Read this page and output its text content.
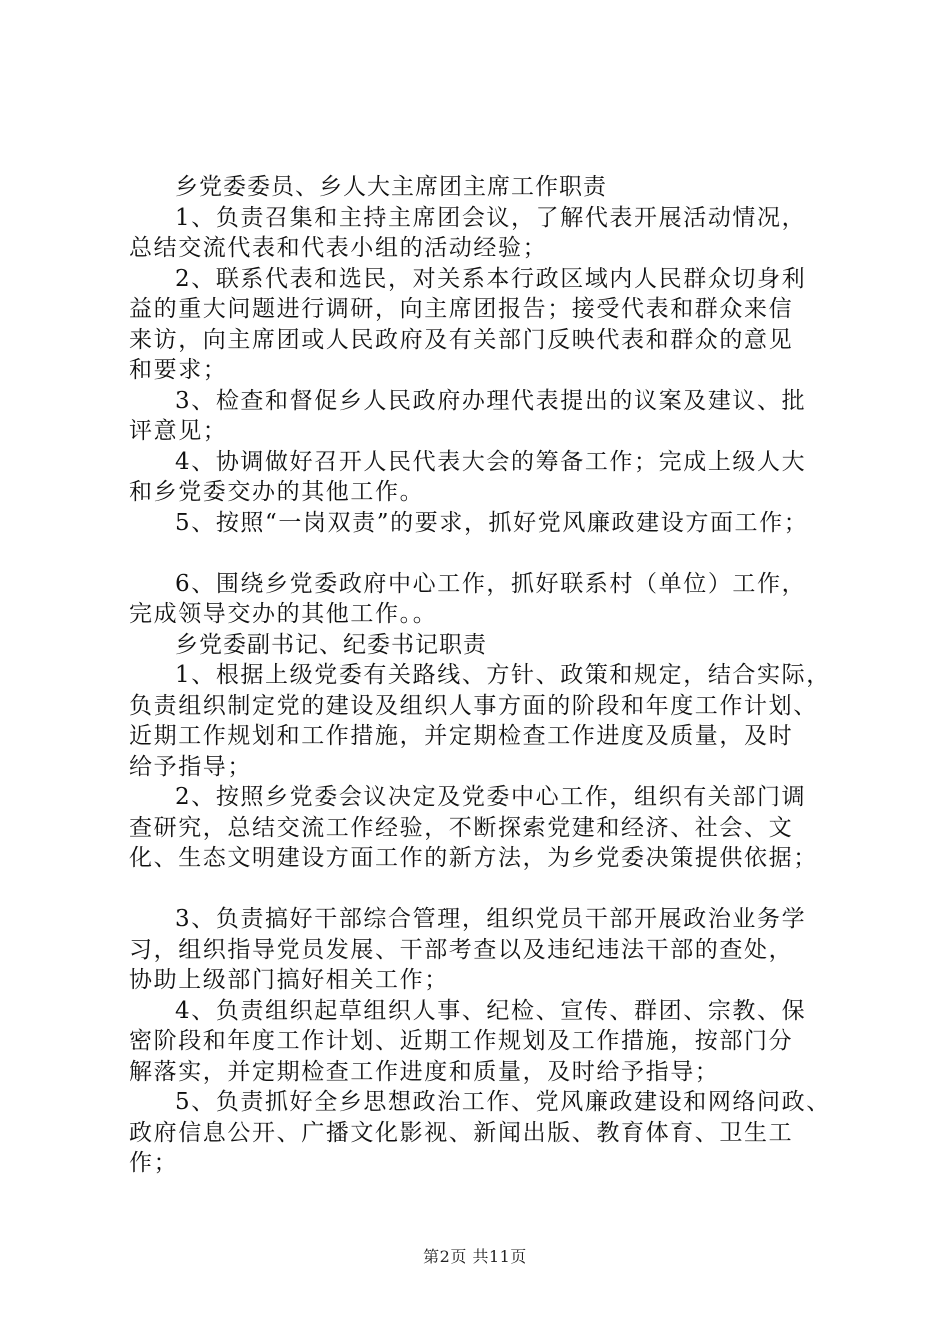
乡党委委员、乡人大主席团主席工作职责
1、负责召集和主持主席团会议，了解代表开展活动情况，
总结交流代表和代表小组的活动经验；
2、联系代表和选民，对关系本行政区域内人民群众切身利
益的重大问题进行调研，向主席团报告；接受代表和群众来信
来访，向主席团或人民政府及有关部门反映代表和群众的意见
和要求；
3、检查和督促乡人民政府办理代表提出的议案及建议、批
评意见；
4、协调做好召开人民代表大会的筹备工作；完成上级人大
和乡党委交办的其他工作。
5、按照“一岗双责”的要求，抓好党风廉政建设方面工作；
6、围绕乡党委政府中心工作，抓好联系村（单位）工作，
完成领导交办的其他工作。。
乡党委副书记、纪委书记职责
1、根据上级党委有关路线、方针、政策和规定，结合实际，
负责组织制定党的建设及组织人事方面的阶段和年度工作计划、
近期工作规划和工作措施，并定期检查工作进度及质量，及时
给予指导；
2、按照乡党委会议决定及党委中心工作，组织有关部门调
查研究，总结交流工作经验，不断探索党建和经济、社会、文
化、生态文明建设方面工作的新方法，为乡党委决策提供依据；
3、负责搞好干部综合管理，组织党员干部开展政治业务学
习，组织指导党员发展、干部考查以及违纪违法干部的查处，
协助上级部门搞好相关工作；
4、负责组织起草组织人事、纪检、宣传、群团、宗教、保
密阶段和年度工作计划、近期工作规划及工作措施，按部门分
解落实，并定期检查工作进度和质量，及时给予指导；
5、负责抓好全乡思想政治工作、党风廉政建设和网络问政、
政府信息公开、广播文化影视、新闻出版、教育体育、卫生工
作；
第2页 共11页
